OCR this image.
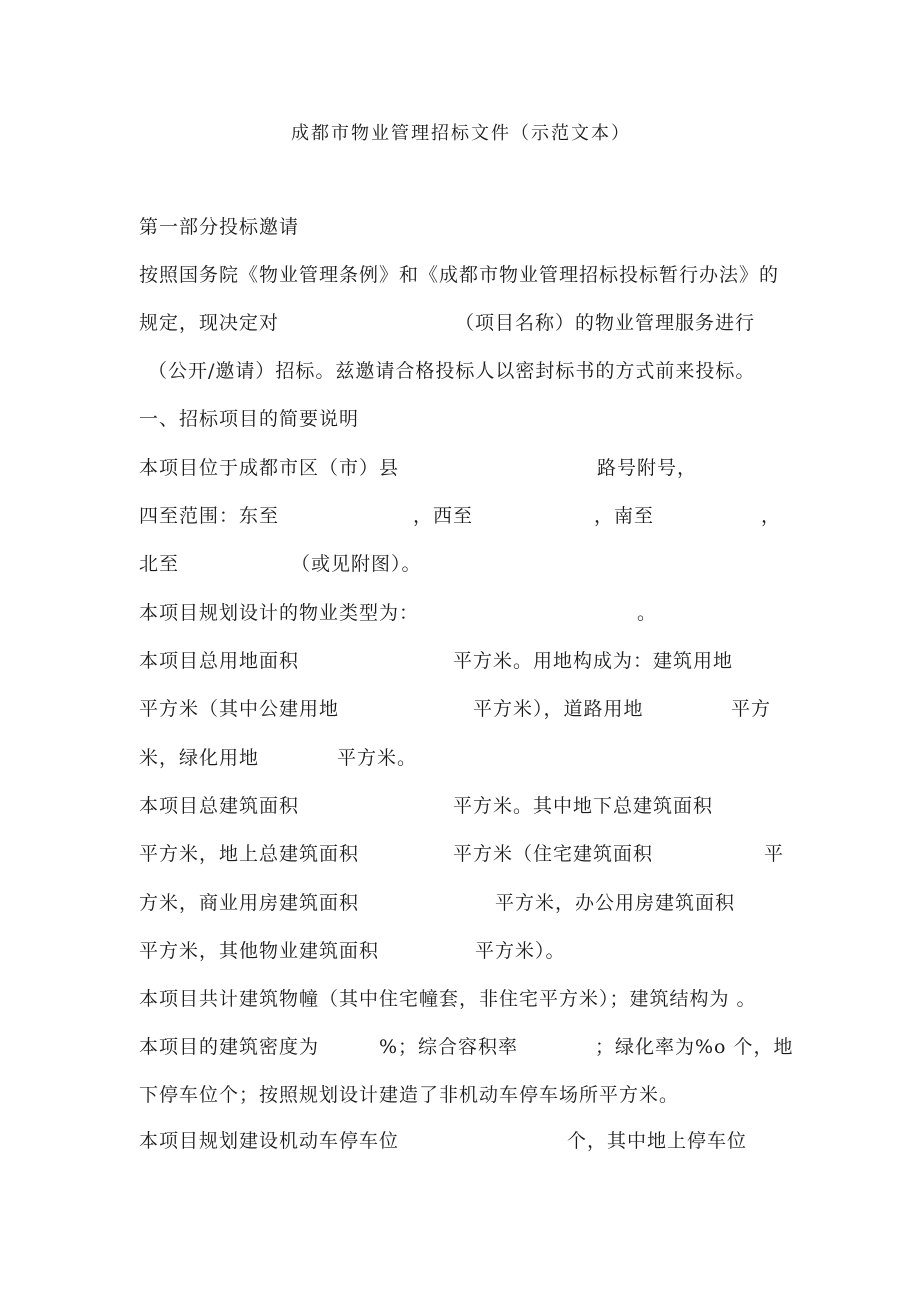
成都市物业管理招标文件（示范文本）
第一部分投标邀请
按照国务院《物业管理条例》和《成都市物业管理招标投标暂行办法》的
规定，现决定对	（项目名称）的物业管理服务进行
（公开/邀请）招标。兹邀请合格投标人以密封标书的方式前来投标。
一、招标项目的简要说明
本项目位于成都市区（市）县	路号附号，
四至范围：东至	，西至	，南至	，
北至	（或见附图）。
本项目规划设计的物业类型为：	。
本项目总用地面积	平方米。用地构成为：建筑用地
平方米（其中公建用地	平方米），道路用地	平方
米，绿化用地	平方米。
本项目总建筑面积	平方米。其中地下总建筑面积
平方米，地上总建筑面积	平方米（住宅建筑面积	平
方米，商业用房建筑面积	平方米，办公用房建筑面积
平方米，其他物业建筑面积	平方米）。
本项目共计建筑物幢（其中住宅幢套，非住宅平方米）；建筑结构为 。
本项目的建筑密度为	%；综合容积率	；绿化率为%o 个，地
下停车位个；按照规划设计建造了非机动车停车场所平方米。
本项目规划建设机动车停车位	个，其中地上停车位
